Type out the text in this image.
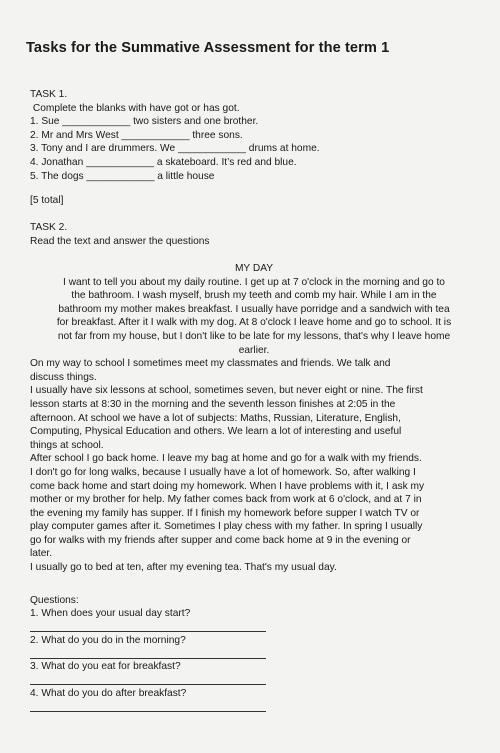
Tasks for the Summative Assessment for the term 1
TASK 1.
Complete the blanks with have got or has got.
1. Sue ____________ two sisters and one brother.
2. Mr and Mrs West ____________ three sons.
3. Tony and I are drummers. We ____________ drums at home.
4. Jonathan ____________ a skateboard. It’s red and blue.
5. The dogs ____________ a little house
[5 total]
TASK 2.
Read the text and answer the questions
MY DAY
I want to tell you about my daily routine. I get up at 7 o'clock in the morning and go to
the bathroom. I wash myself, brush my teeth and comb my hair. While I am in the
bathroom my mother makes breakfast. I usually have porridge and a sandwich with tea
for breakfast. After it I walk with my dog. At 8 o'clock I leave home and go to school. It is
not far from my house, but I don't like to be late for my lessons, that's why I leave home
earlier.
On my way to school I sometimes meet my classmates and friends. We talk and
discuss things.
I usually have six lessons at school, sometimes seven, but never eight or nine. The first
lesson starts at 8:30 in the morning and the seventh lesson finishes at 2:05 in the
afternoon. At school we have a lot of subjects: Maths, Russian, Literature, English,
Computing, Physical Education and others. We learn a lot of interesting and useful
things at school.
After school I go back home. I leave my bag at home and go for a walk with my friends.
I don't go for long walks, because I usually have a lot of homework. So, after walking I
come back home and start doing my homework. When I have problems with it, I ask my
mother or my brother for help. My father comes back from work at 6 o'clock, and at 7 in
the evening my family has supper. If I finish my homework before supper I watch TV or
play computer games after it. Sometimes I play chess with my father. In spring I usually
go for walks with my friends after supper and come back home at 9 in the evening or
later.
I usually go to bed at ten, after my evening tea. That's my usual day.
Questions:
1. When does your usual day start?
2. What do you do in the morning?
3. What do you eat for breakfast?
4. What do you do after breakfast?
